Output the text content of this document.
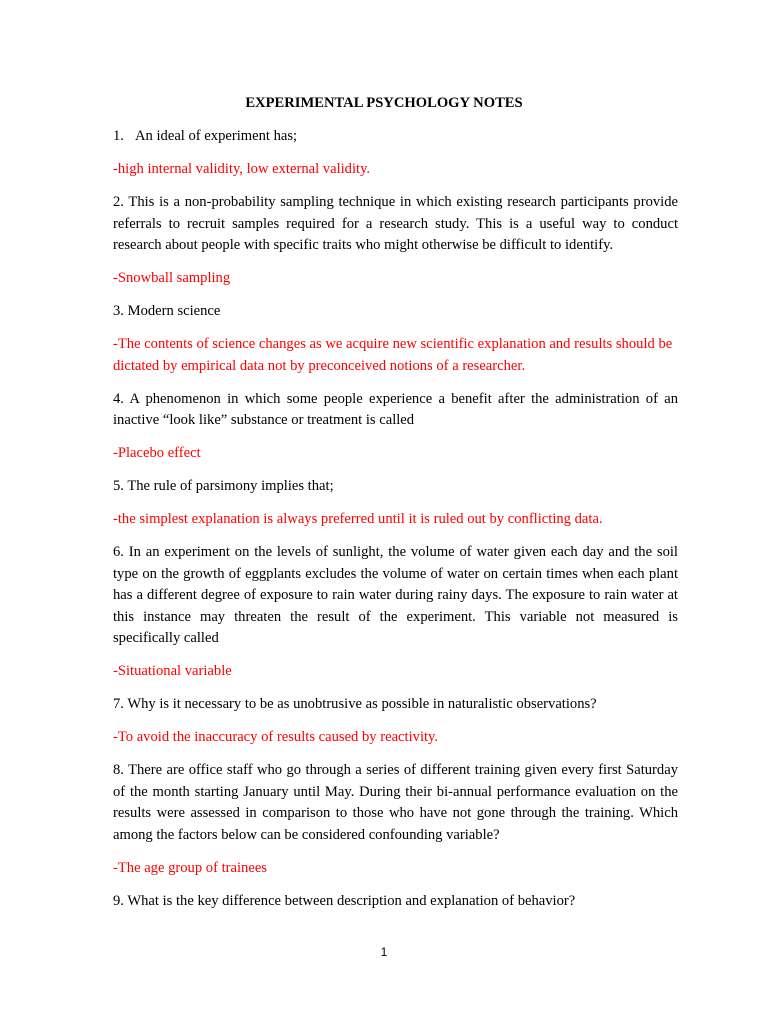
EXPERIMENTAL PSYCHOLOGY NOTES

1. An ideal of experiment has;

-high internal validity, low external validity.

2. This is a non-probability sampling technique in which existing research participants provide referrals to recruit samples required for a research study. This is a useful way to conduct research about people with specific traits who might otherwise be difficult to identify.

-Snowball sampling

3. Modern science

-The contents of science changes as we acquire new scientific explanation and results should be dictated by empirical data not by preconceived notions of a researcher.

4. A phenomenon in which some people experience a benefit after the administration of an inactive “look like” substance or treatment is called

-Placebo effect

5. The rule of parsimony implies that;

-the simplest explanation is always preferred until it is ruled out by conflicting data.

6. In an experiment on the levels of sunlight, the volume of water given each day and the soil type on the growth of eggplants excludes the volume of water on certain times when each plant has a different degree of exposure to rain water during rainy days. The exposure to rain water at this instance may threaten the result of the experiment. This variable not measured is specifically called

-Situational variable

7. Why is it necessary to be as unobtrusive as possible in naturalistic observations?

-To avoid the inaccuracy of results caused by reactivity.

8. There are office staff who go through a series of different training given every first Saturday of the month starting January until May. During their bi-annual performance evaluation on the results were assessed in comparison to those who have not gone through the training. Which among the factors below can be considered confounding variable?

-The age group of trainees

9. What is the key difference between description and explanation of behavior?

1
